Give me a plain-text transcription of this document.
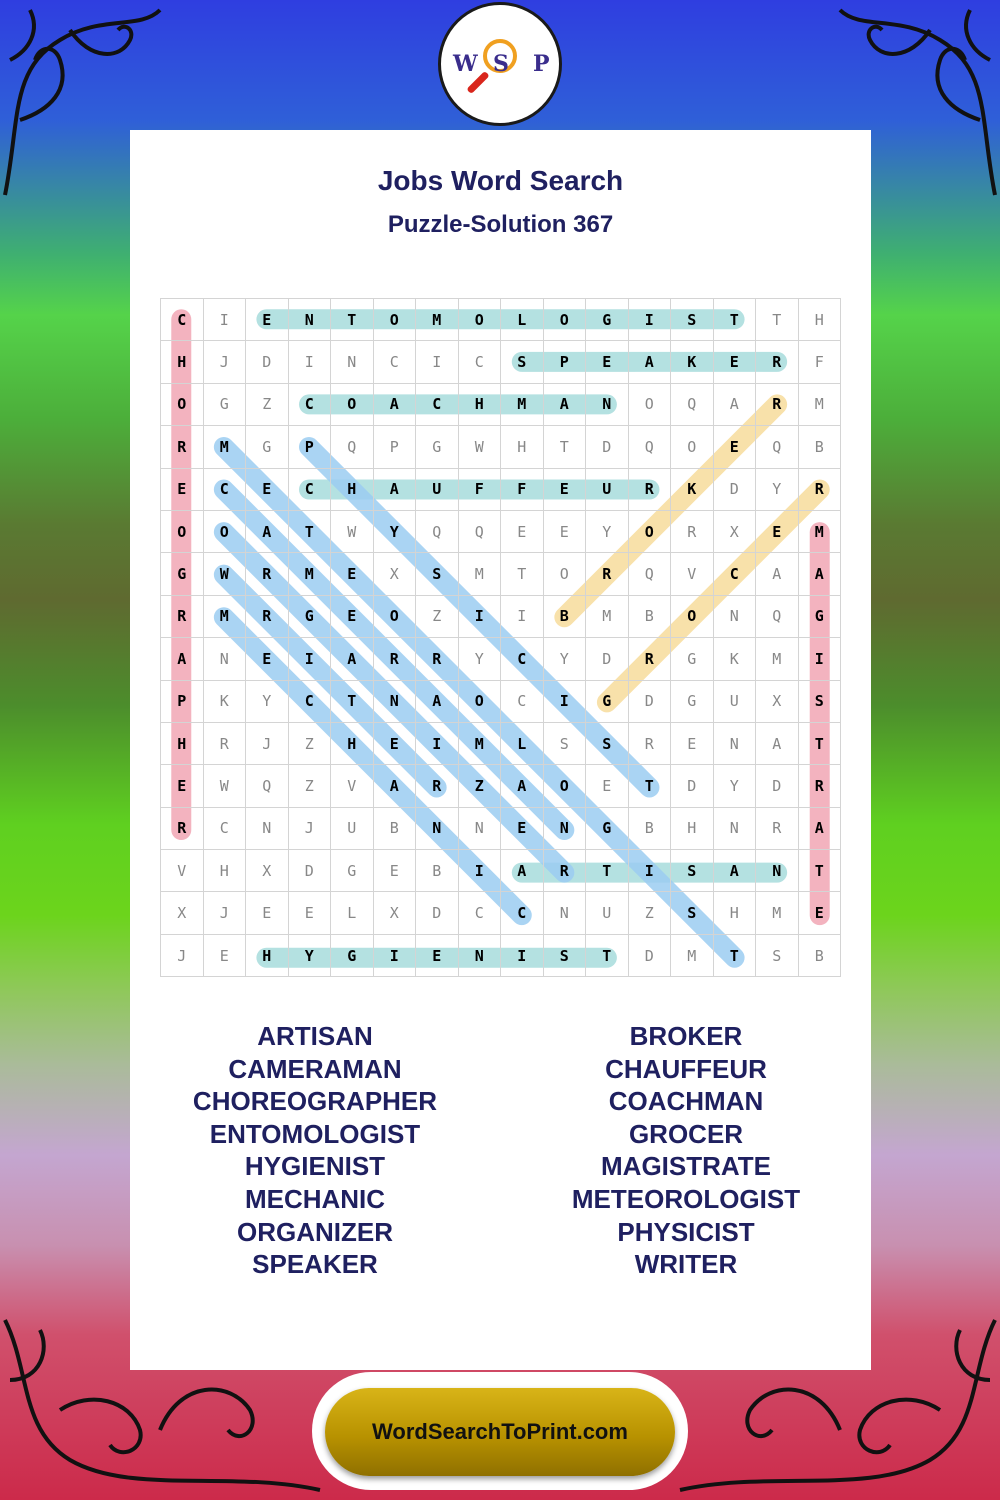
W S P
Jobs Word Search
Puzzle-Solution 367
C	I	E	N	T	O	M	O	L	O	G	I	S	T	T	H
H	J	D	I	N	C	I	C	S	P	E	A	K	E	R	F
O	G	Z	C	O	A	C	H	M	A	N	O	Q	A	R	M
R	M	G	P	Q	P	G	W	H	T	D	Q	O	E	Q	B
E	C	E	C	H	A	U	F	F	E	U	R	K	D	Y	R
O	O	A	T	W	Y	Q	Q	E	E	Y	O	R	X	E	M
G	W	R	M	E	X	S	M	T	O	R	Q	V	C	A	A
R	M	R	G	E	O	Z	I	I	B	M	B	O	N	Q	G
A	N	E	I	A	R	R	Y	C	Y	D	R	G	K	M	I
P	K	Y	C	T	N	A	O	C	I	G	D	G	U	X	S
H	R	J	Z	H	E	I	M	L	S	S	R	E	N	A	T
E	W	Q	Z	V	A	R	Z	A	O	E	T	D	Y	D	R
R	C	N	J	U	B	N	N	E	N	G	B	H	N	R	A
V	H	X	D	G	E	B	I	A	R	T	I	S	A	N	T
X	J	E	E	L	X	D	C	C	N	U	Z	S	H	M	E
J	E	H	Y	G	I	E	N	I	S	T	D	M	T	S	B
ARTISAN
CAMERAMAN
CHOREOGRAPHER
ENTOMOLOGIST
HYGIENIST
MECHANIC
ORGANIZER
SPEAKER
BROKER
CHAUFFEUR
COACHMAN
GROCER
MAGISTRATE
METEOROLOGIST
PHYSICIST
WRITER
WordSearchToPrint.com
